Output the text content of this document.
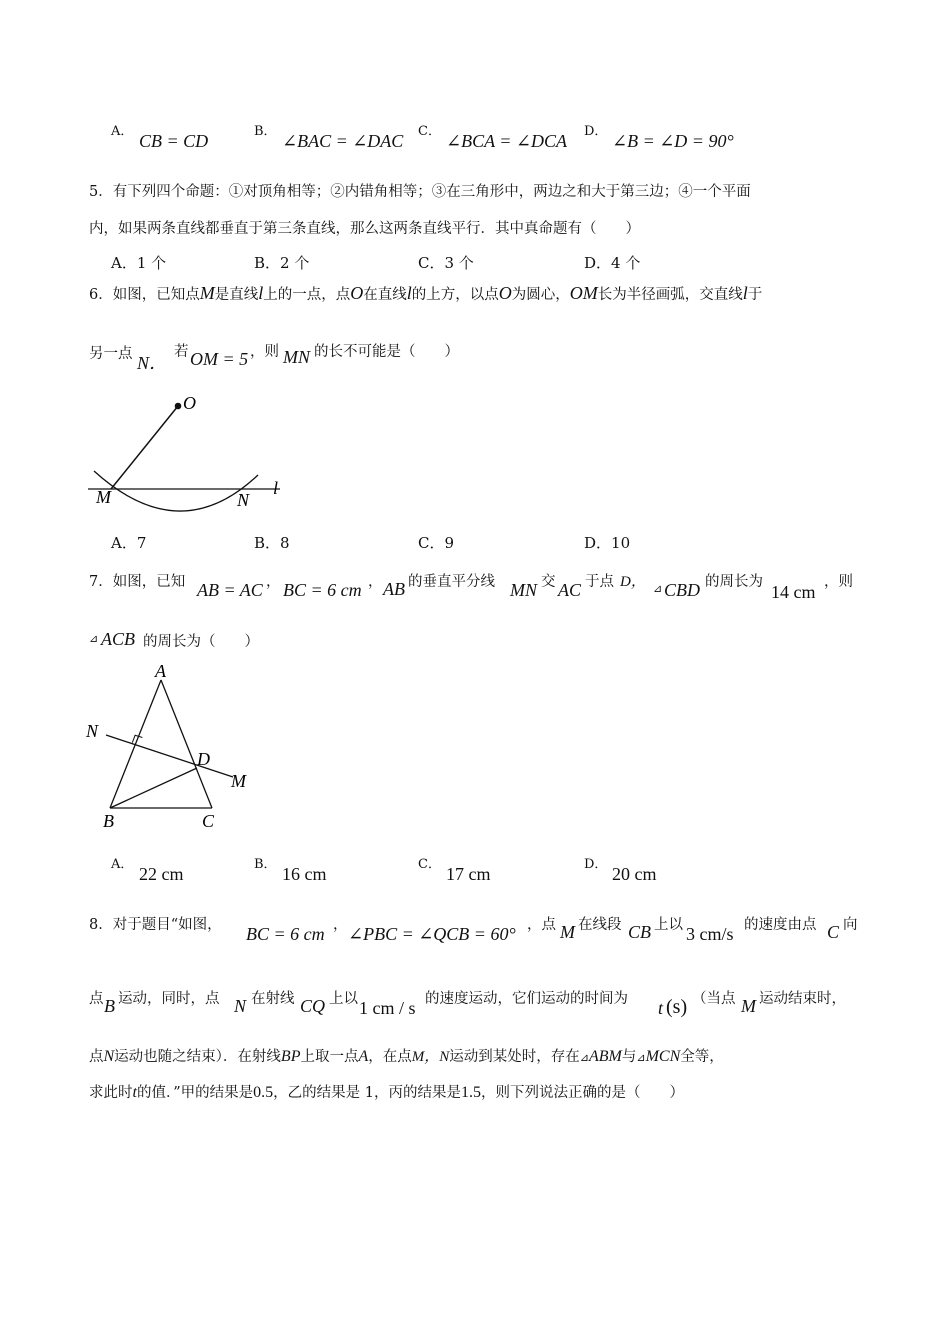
A． CB = CD	B． ∠BAC = ∠DAC C． ∠BCA = ∠DCA D． ∠B = ∠D = 90°
5．有下列四个命题：①对顶角相等；②内错角相等；③在三角形中，两边之和大于第三边；④一个平面
内，如果两条直线都垂直于第三条直线，那么这两条直线平行．其中真命题有（　　）
A．1 个	B．2 个	C．3 个	D．4 个
6．如图，已知点M是直线l上的一点，点O在直线l的上方，以点O为圆心，OM长为半径画弧，交直线l于
另一点 N．
若 OM = 5 ，则 MN 的长不可能是（　　）
O
M	N
l
A．7	B．8	C．9	D．10
7．如图，已知 AB = AC ， BC = 6 cm ， AB 的垂直平分线 MN 交 AC 于点 D， ⊿ CBD 的周长为 14 cm ，则
⊿ ACB 的周长为（　　）
A
N
D
M
B	C
A． 22 cm	B． 16 cm	C． 17 cm	D． 20 cm
8．对于题目“如图， BC = 6 cm ， ∠PBC = ∠QCB = 60° ，点 M 在线段 CB 上以 3 cm/s 的速度由点 C 向
点 B 运动，同时，点 N 在射线 CQ 上以 1 cm / s 的速度运动，它们运动的时间为 t (s) （当点 M 运动结束时，
点N运动也随之结束）．在射线BP上取一点A，在点M，N运动到某处时，存在⊿ABM与⊿MCN全等，
求此时t的值．”甲的结果是0.5，乙的结果是 1，丙的结果是1.5，则下列说法正确的是（　　）
